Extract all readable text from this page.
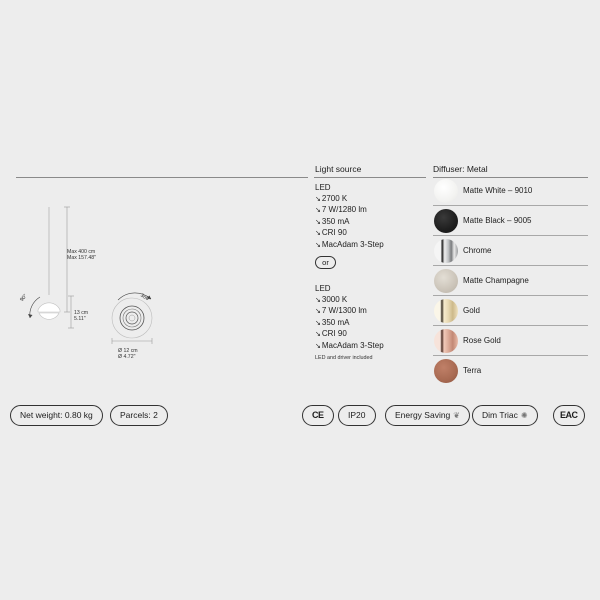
Light source	Diffuser: Metal
90°	360°
Max 400 cm
Max 157.48"
13 cm
5.11"
Ø 12 cm
Ø 4.72"
LED
↘2700 K
↘7 W/1280 lm
↘350 mA
↘CRI 90
↘MacAdam 3-Step
or
LED
↘3000 K
↘7 W/1300 lm
↘350 mA
↘CRI 90
↘MacAdam 3-Step
LED and driver included
Matte White – 9010
Matte Black – 9005
Chrome
Matte Champagne
Gold
Rose Gold
Terra
Net weight: 0.80 kg	Parcels: 2	CE	IP20	Energy Saving ❦	Dim Triac ✺	EAC
